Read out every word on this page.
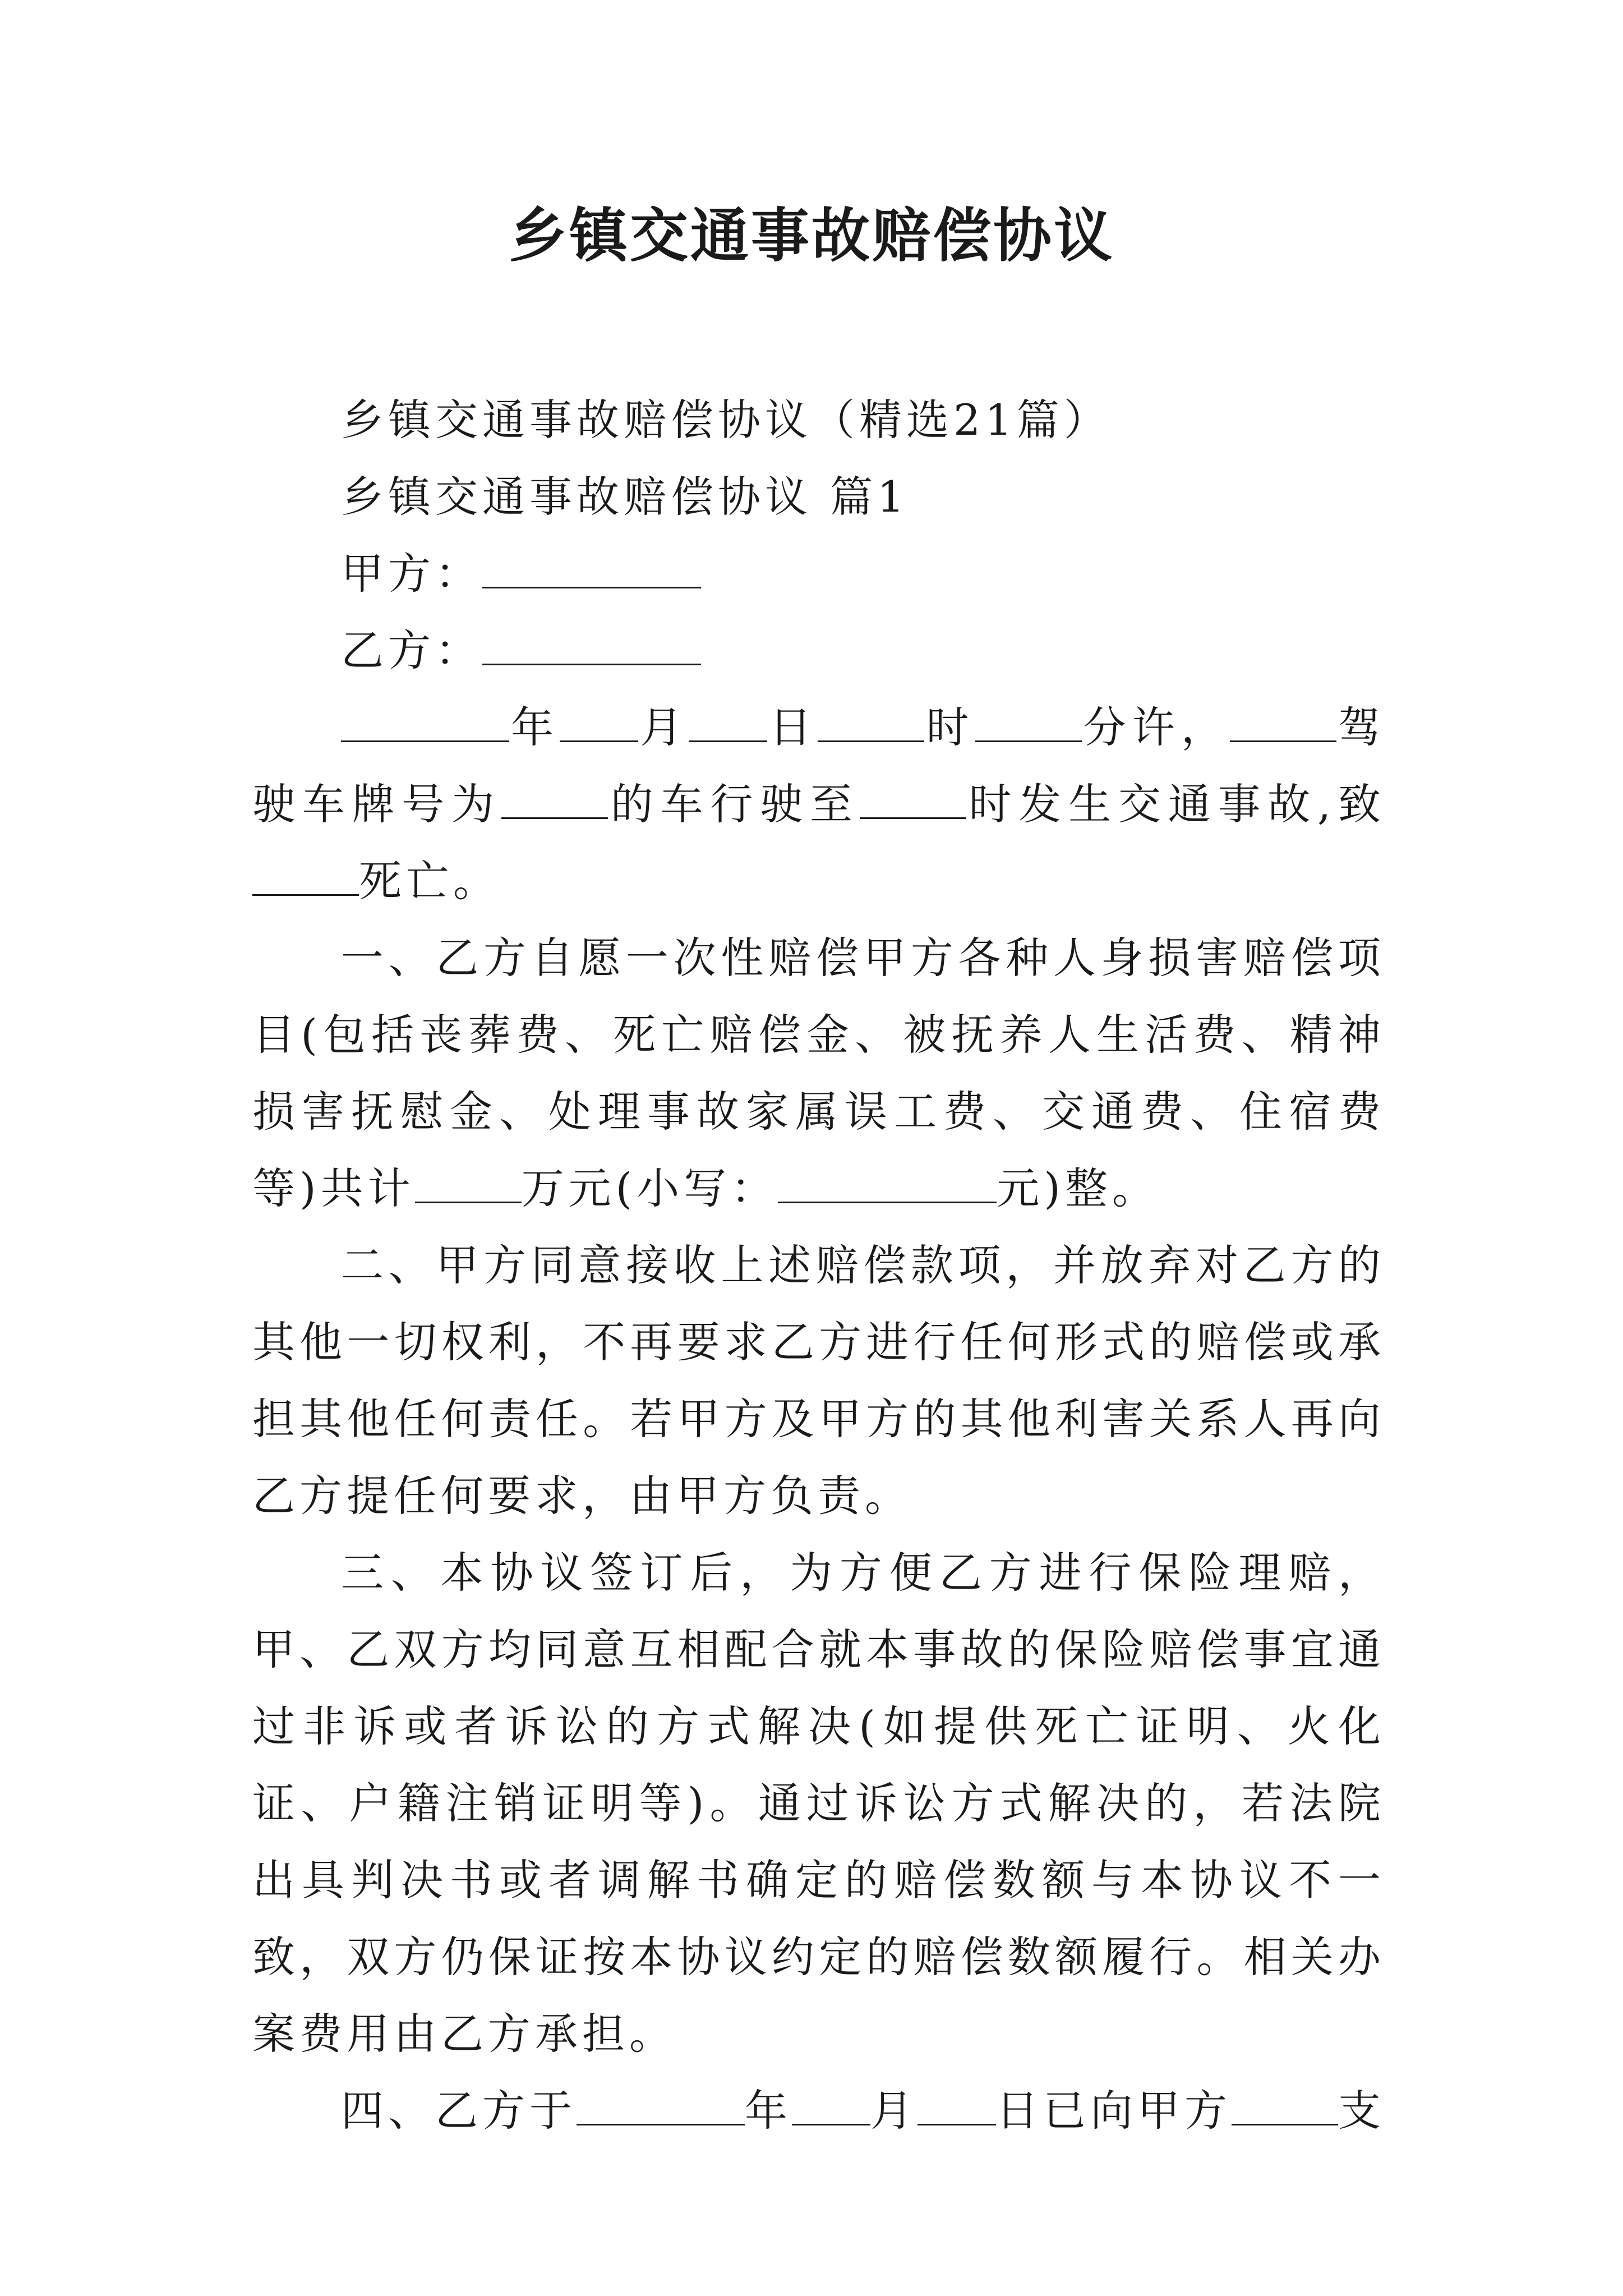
乡镇交通事故赔偿协议

乡镇交通事故赔偿协议（精选21篇）

乡镇交通事故赔偿协议 篇1

甲方：

乙方：

年 月 日	时	分许，	驾驶车牌号为	的车行驶至	时发生交通事故,致死亡。

一、乙方自愿一次性赔偿甲方各种人身损害赔偿项目(包括丧葬费、死亡赔偿金、被抚养人生活费、精神损害抚慰金、处理事故家属误工费、交通费、住宿费等)共计	万元(小写：	元)整。

二、甲方同意接收上述赔偿款项，并放弃对乙方的其他一切权利，不再要求乙方进行任何形式的赔偿或承担其他任何责任。若甲方及甲方的其他利害关系人再向乙方提任何要求，由甲方负责。

三、本协议签订后，为方便乙方进行保险理赔，甲、乙双方均同意互相配合就本事故的保险赔偿事宜通过非诉或者诉讼的方式解决(如提供死亡证明、火化证、户籍注销证明等)。通过诉讼方式解决的，若法院出具判决书或者调解书确定的赔偿数额与本协议不一致，双方仍保证按本协议约定的赔偿数额履行。相关办案费用由乙方承担。

四、乙方于	年 月 日已向甲方	支
